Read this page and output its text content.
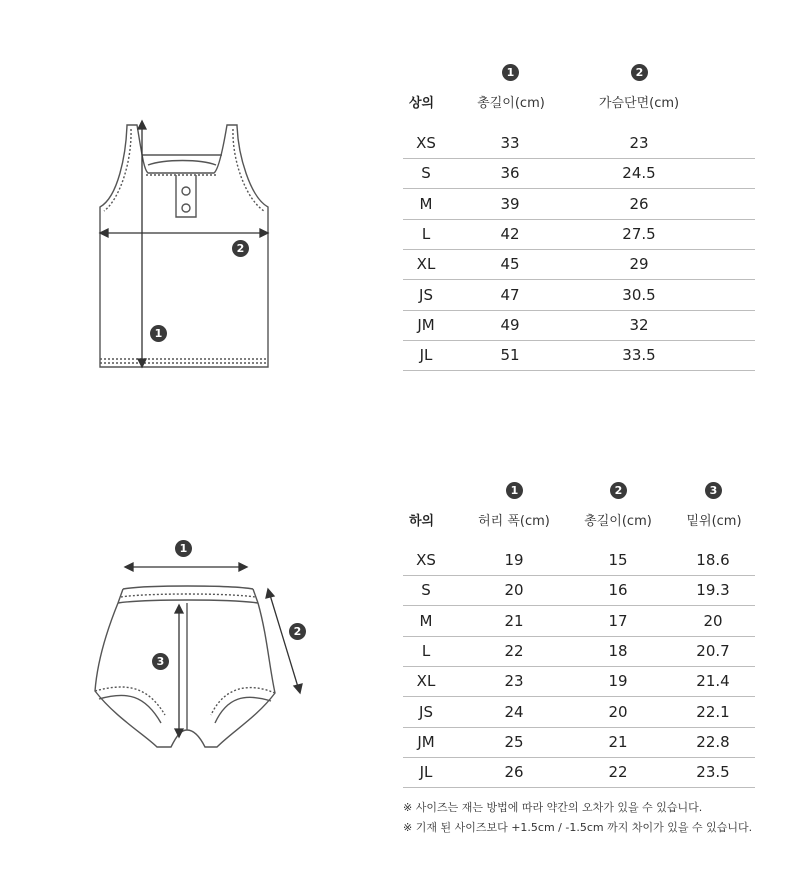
1
2
1	2
상의	총길이(cm)	가슴단면(cm)
XS	33	23
S	36	24.5
M	39	26
L	42	27.5
XL	45	29
JS	47	30.5
JM	49	32
JL	51	33.5
1
2
3
1	2	3
하의	허리 폭(cm)	총길이(cm)	밑위(cm)
XS	19	15	18.6
S	20	16	19.3
M	21	17	20
L	22	18	20.7
XL	23	19	21.4
JS	24	20	22.1
JM	25	21	22.8
JL	26	22	23.5
※ 사이즈는 재는 방법에 따라 약간의 오차가 있을 수 있습니다.
※ 기재 된 사이즈보다 +1.5cm / -1.5cm 까지 차이가 있을 수 있습니다.
